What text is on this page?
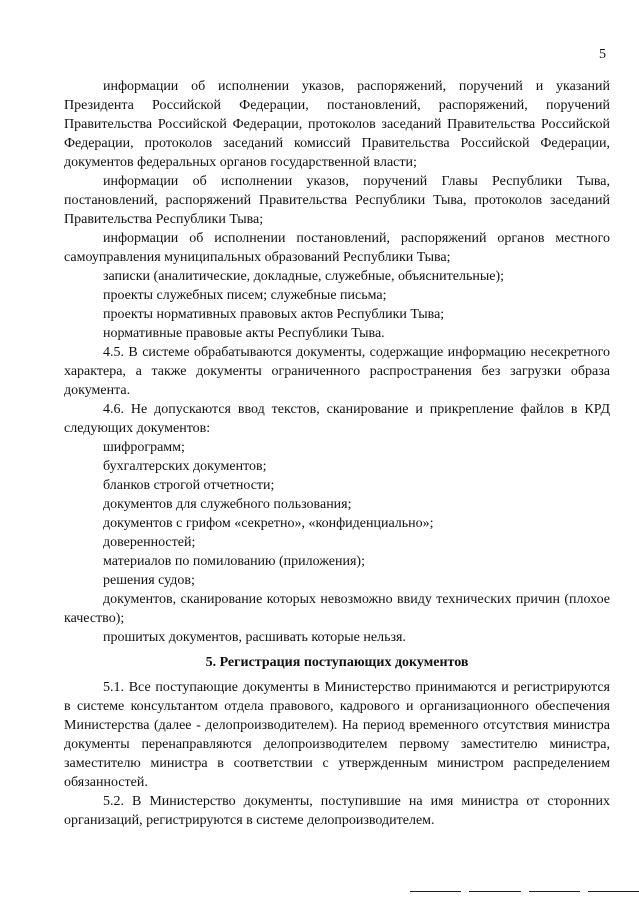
5

информации об исполнении указов, распоряжений, поручений и указаний Президента Российской Федерации, постановлений, распоряжений, поручений Правительства Российской Федерации, протоколов заседаний Правительства Российской Федерации, протоколов заседаний комиссий Правительства Российской Федерации, документов федеральных органов государственной власти;

информации об исполнении указов, поручений Главы Республики Тыва, постановлений, распоряжений Правительства Республики Тыва, протоколов заседаний Правительства Республики Тыва;

информации об исполнении постановлений, распоряжений органов местного самоуправления муниципальных образований Республики Тыва;

записки (аналитические, докладные, служебные, объяснительные);

проекты служебных писем; служебные письма;

проекты нормативных правовых актов Республики Тыва;

нормативные правовые акты Республики Тыва.

4.5. В системе обрабатываются документы, содержащие информацию несекретного характера, а также документы ограниченного распространения без загрузки образа документа.

4.6. Не допускаются ввод текстов, сканирование и прикрепление файлов в КРД следующих документов:

шифрограмм;

бухгалтерских документов;

бланков строгой отчетности;

документов для служебного пользования;

документов с грифом «секретно», «конфиденциально»;

доверенностей;

материалов по помилованию (приложения);

решения судов;

документов, сканирование которых невозможно ввиду технических причин (плохое качество);

прошитых документов, расшивать которые нельзя.

5. Регистрация поступающих документов

5.1. Все поступающие документы в Министерство принимаются и регистрируются в системе консультантом отдела правового, кадрового и организационного обеспечения Министерства (далее - делопроизводителем). На период временного отсутствия министра документы перенаправляются делопроизводителем первому заместителю министра, заместителю министра в соответствии с утвержденным министром распределением обязанностей.

5.2. В Министерство документы, поступившие на имя министра от сторонних организаций, регистрируются в системе делопроизводителем.
